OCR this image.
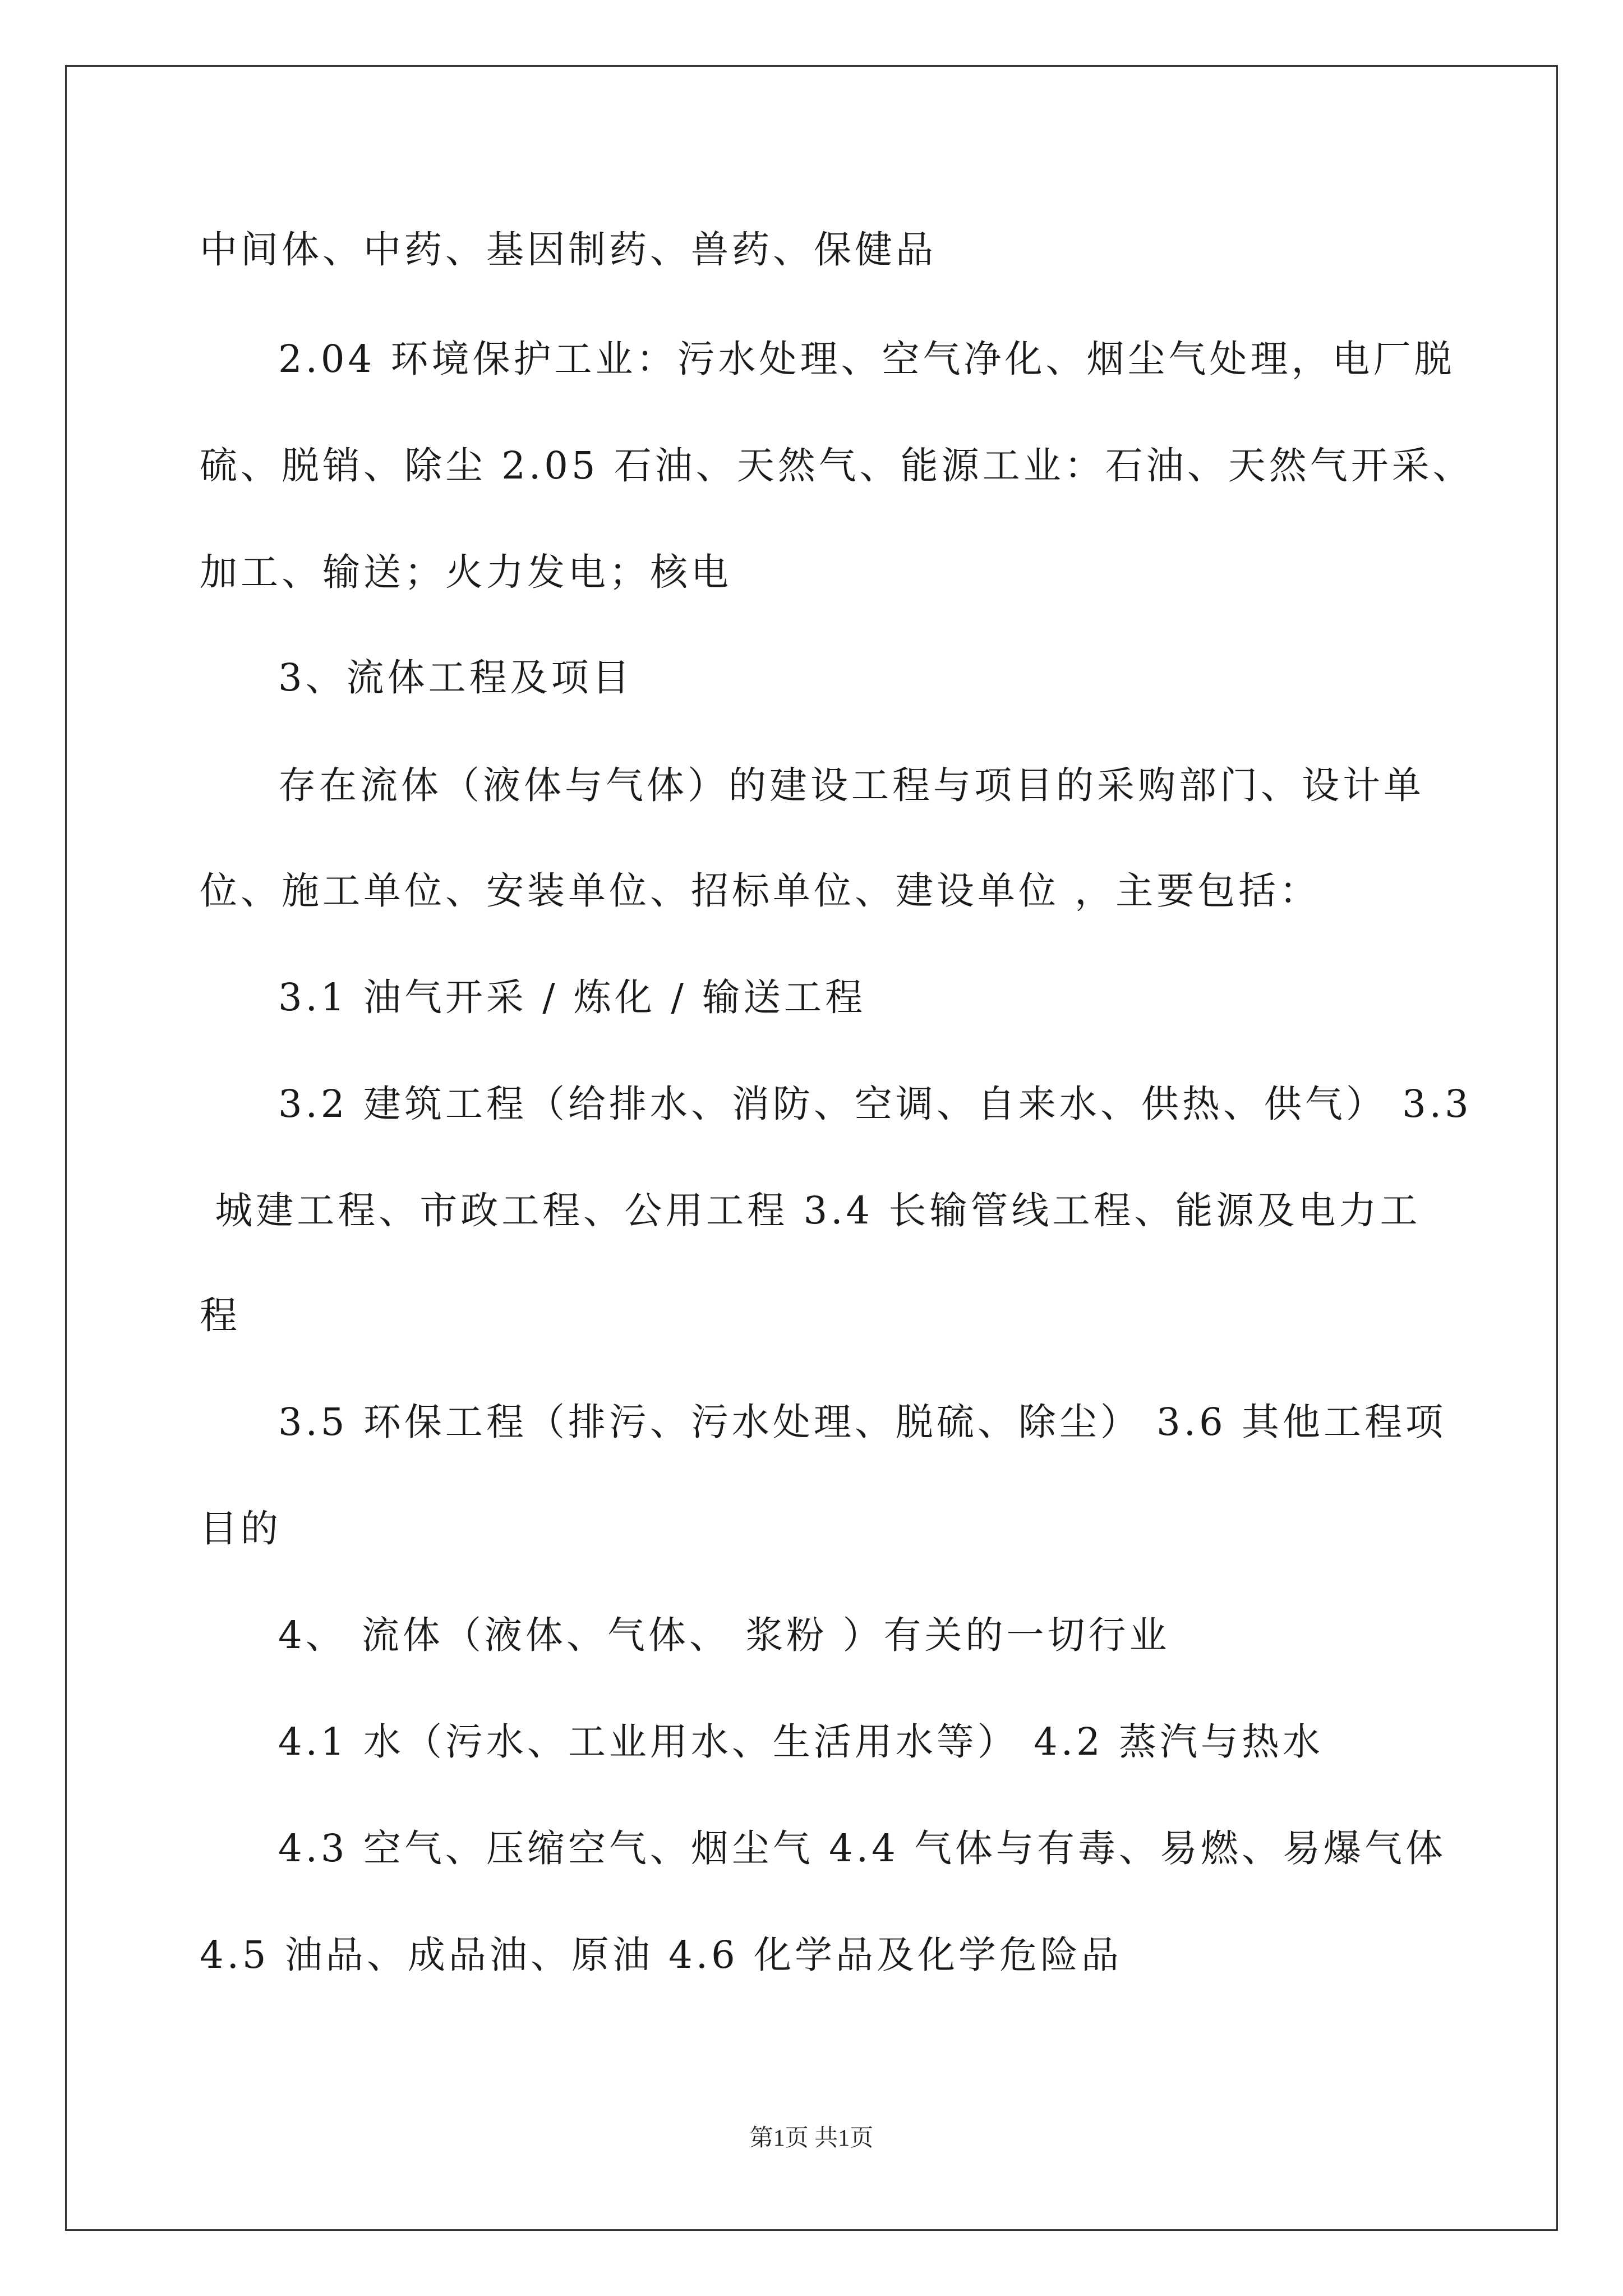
中间体、中药、基因制药、兽药、保健品
2.04 环境保护工业：污水处理、空气净化、烟尘气处理，电厂脱
硫、脱销、除尘 2.05 石油、天然气、能源工业：石油、天然气开采、
加工、输送；火力发电；核电
3、流体工程及项目
存在流体（液体与气体）的建设工程与项目的采购部门、设计单
位、施工单位、安装单位、招标单位、建设单位 ，主要包括：
3.1 油气开采 / 炼化 / 输送工程
3.2 建筑工程（给排水、消防、空调、自来水、供热、供气） 3.3
城建工程、市政工程、公用工程 3.4 长输管线工程、能源及电力工
程
3.5 环保工程（排污、污水处理、脱硫、除尘） 3.6 其他工程项
目的
4、 流体（液体、气体、 浆粉 ）有关的一切行业
4.1 水（污水、工业用水、生活用水等） 4.2 蒸汽与热水
4.3 空气、压缩空气、烟尘气 4.4 气体与有毒、易燃、易爆气体
4.5 油品、成品油、原油 4.6 化学品及化学危险品
第1页 共1页
